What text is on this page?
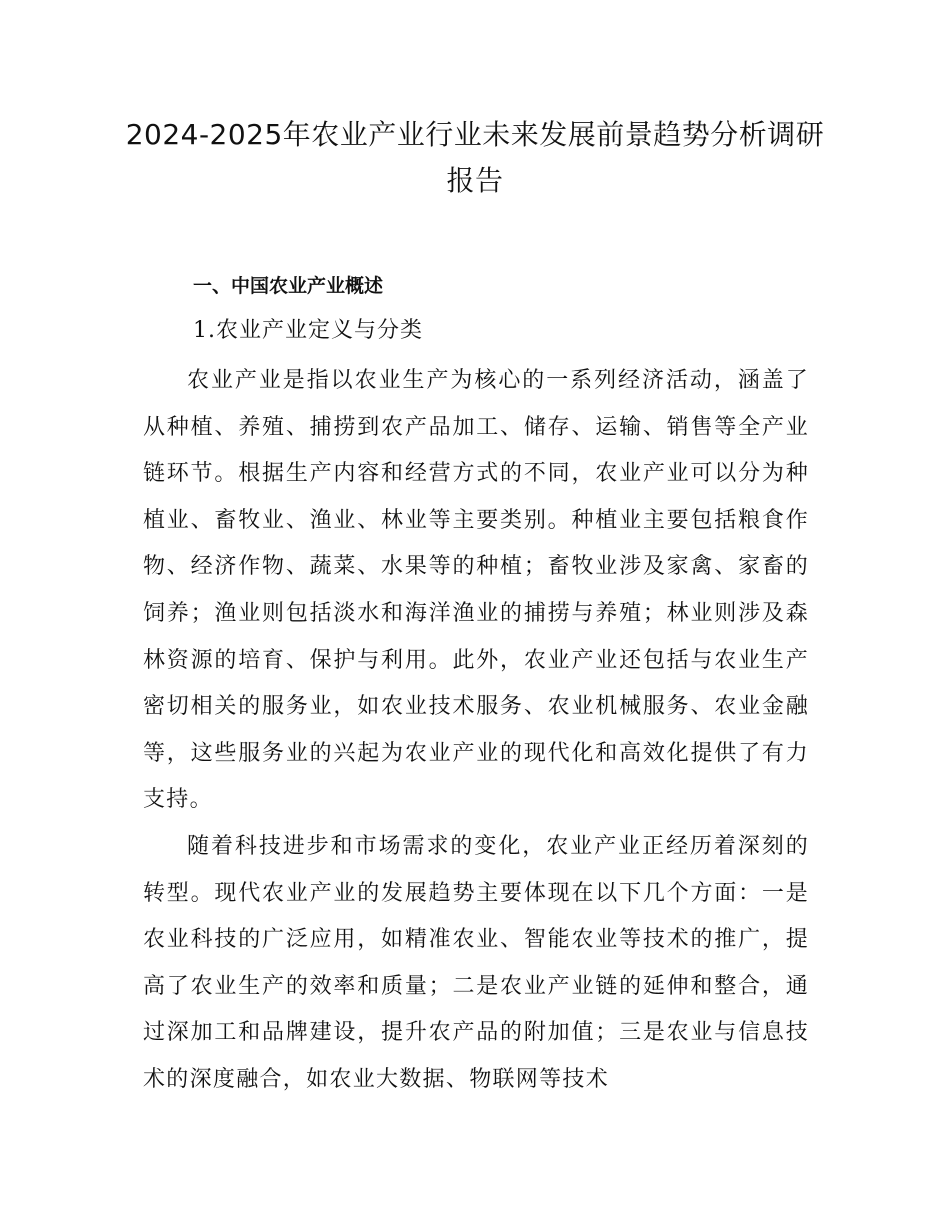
2024-2025年农业产业行业未来发展前景趋势分析调研报告
一、中国农业产业概述
1.农业产业定义与分类

农业产业是指以农业生产为核心的一系列经济活动，涵盖了从种植、养殖、捕捞到农产品加工、储存、运输、销售等全产业链环节。根据生产内容和经营方式的不同，农业产业可以分为种植业、畜牧业、渔业、林业等主要类别。种植业主要包括粮食作物、经济作物、蔬菜、水果等的种植；畜牧业涉及家禽、家畜的饲养；渔业则包括淡水和海洋渔业的捕捞与养殖；林业则涉及森林资源的培育、保护与利用。此外，农业产业还包括与农业生产密切相关的服务业，如农业技术服务、农业机械服务、农业金融等，这些服务业的兴起为农业产业的现代化和高效化提供了有力支持。

随着科技进步和市场需求的变化，农业产业正经历着深刻的转型。现代农业产业的发展趋势主要体现在以下几个方面：一是农业科技的广泛应用，如精准农业、智能农业等技术的推广，提高了农业生产的效率和质量；二是农业产业链的延伸和整合，通过深加工和品牌建设，提升农产品的附加值；三是农业与信息技术的深度融合，如农业大数据、物联网等技术
